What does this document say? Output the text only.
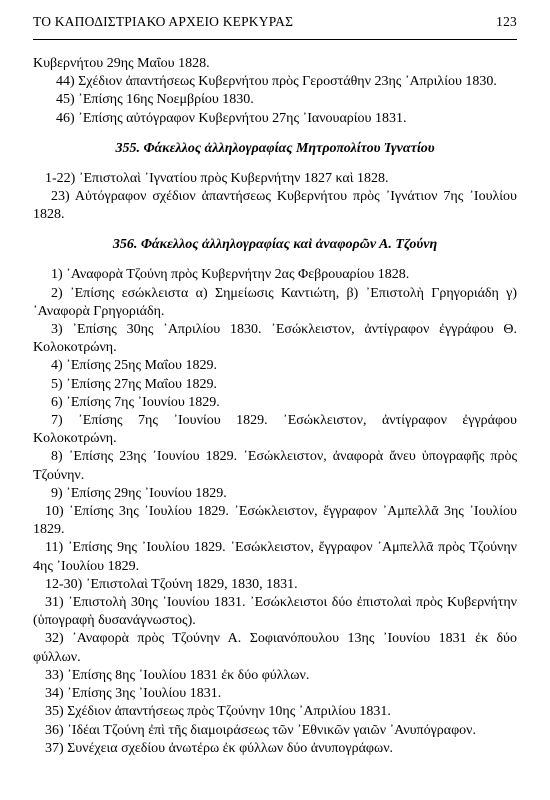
ΤΟ ΚΑΠΟΔΙΣΤΡΙΑΚΟ ΑΡΧΕΙΟ ΚΕΡΚΥΡΑΣ	123

Κυβερνήτου 29ης Μαΐου 1828.

44) Σχέδιον ἀπαντήσεως Κυβερνήτου πρὸς Γεροστάθην 23ης ᾽Απριλίου 1830.

45) ᾽Επίσης 16ης Νοεμβρίου 1830.

46) ᾽Επίσης αὐτόγραφον Κυβερνήτου 27ης ᾽Ιανουαρίου 1831.

355. Φάκελλος ἀλληλογραφίας Μητροπολίτου Ἰγνατίου

1-22) ᾽Επιστολαὶ ᾽Ιγνατίου πρὸς Κυβερνήτην 1827 καὶ 1828.

23) Αὐτόγραφον σχέδιον ἀπαντήσεως Κυβερνήτου πρὸς ᾽Ιγνάτιον 7ης ᾽Ιουλίου 1828.

356. Φάκελλος ἀλληλογραφίας καὶ ἀναφορῶν Α. Τζούνη

1) ᾽Αναφορὰ Τζούνη πρὸς Κυβερνήτην 2ας Φεβρουαρίου 1828.

2) ᾽Επίσης εσώκλειστα α) Σημείωσις Καντιώτη, β) ᾽Επιστολὴ Γρηγοριάδη γ) ᾽Αναφορὰ Γρηγοριάδη.

3) ᾽Επίσης 30ης ᾽Απριλίου 1830. ᾽Εσώκλειστον, ἀντίγραφον ἐγγράφου Θ. Κολοκοτρώνη.

4) ᾽Επίσης 25ης Μαΐου 1829.

5) ᾽Επίσης 27ης Μαΐου 1829.

6) ᾽Επίσης 7ης ᾽Ιουνίου 1829.

7) ᾽Επίσης 7ης ᾽Ιουνίου 1829. ᾽Εσώκλειστον, ἀντίγραφον ἐγγράφου Κολοκοτρώνη.

8) ᾽Επίσης 23ης ᾽Ιουνίου 1829. ᾽Εσώκλειστον, ἀναφορὰ ἄνευ ὑπογραφῆς πρὸς Τζούνην.

9) ᾽Επίσης 29ης ᾽Ιουνίου 1829.

10) ᾽Επίσης 3ης ᾽Ιουλίου 1829. ᾽Εσώκλειστον, ἔγγραφον ᾽Αμπελλᾶ 3ης ᾽Ιουλίου 1829.

11) ᾽Επίσης 9ης ᾽Ιουλίου 1829. ᾽Εσώκλειστον, ἔγγραφον ᾽Αμπελλᾶ πρὸς Τζούνην 4ης ᾽Ιουλίου 1829.

12-30) ᾽Επιστολαὶ Τζούνη 1829, 1830, 1831.

31) ᾽Επιστολὴ 30ης ᾽Ιουνίου 1831. ᾽Εσώκλειστοι δύο ἐπιστολαὶ πρὸς Κυβερνήτην (ὑπογραφὴ δυσανάγνωστος).

32) ᾽Αναφορὰ πρὸς Τζούνην Α. Σοφιανόπουλου 13ης ᾽Ιουνίου 1831 ἐκ δύο φύλλων.

33) ᾽Επίσης 8ης ᾽Ιουλίου 1831 ἐκ δύο φύλλων.

34) ᾽Επίσης 3ης ᾽Ιουλίου 1831.

35) Σχέδιον ἀπαντήσεως πρὸς Τζούνην 10ης ᾽Απριλίου 1831.

36) ᾽Ιδέαι Τζούνη ἐπὶ τῆς διαμοιράσεως τῶν ᾽Εθνικῶν γαιῶν ᾽Ανυπόγραφον.

37) Συνέχεια σχεδίου ἀνωτέρω ἐκ φύλλων δύο ἀνυπογράφων.
